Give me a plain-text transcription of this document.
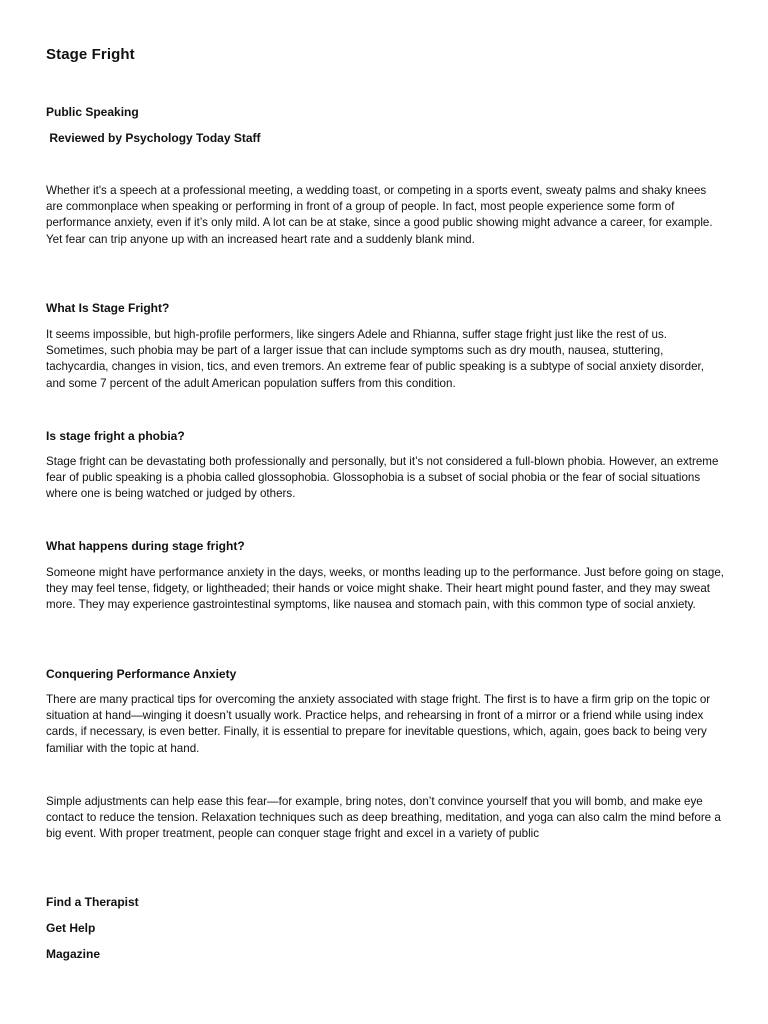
Stage Fright
Public Speaking
Reviewed by Psychology Today Staff

Whether it's a speech at a professional meeting, a wedding toast, or competing in a sports event, sweaty palms and shaky knees are commonplace when speaking or performing in front of a group of people. In fact, most people experience some form of performance anxiety, even if it’s only mild. A lot can be at stake, since a good public showing might advance a career, for example. Yet fear can trip anyone up with an increased heart rate and a suddenly blank mind.

What Is Stage Fright?

It seems impossible, but high-profile performers, like singers Adele and Rhianna, suffer stage fright just like the rest of us. Sometimes, such phobia may be part of a larger issue that can include symptoms such as dry mouth, nausea, stuttering, tachycardia, changes in vision, tics, and even tremors. An extreme fear of public speaking is a subtype of social anxiety disorder, and some 7 percent of the adult American population suffers from this condition.

Is stage fright a phobia?

Stage fright can be devastating both professionally and personally, but it’s not considered a full-blown phobia. However, an extreme fear of public speaking is a phobia called glossophobia. Glossophobia is a subset of social phobia or the fear of social situations where one is being watched or judged by others.

What happens during stage fright?

Someone might have performance anxiety in the days, weeks, or months leading up to the performance. Just before going on stage, they may feel tense, fidgety, or lightheaded; their hands or voice might shake. Their heart might pound faster, and they may sweat more. They may experience gastrointestinal symptoms, like nausea and stomach pain, with this common type of social anxiety.

Conquering Performance Anxiety

There are many practical tips for overcoming the anxiety associated with stage fright. The first is to have a firm grip on the topic or situation at hand—winging it doesn’t usually work. Practice helps, and rehearsing in front of a mirror or a friend while using index cards, if necessary, is even better. Finally, it is essential to prepare for inevitable questions, which, again, goes back to being very familiar with the topic at hand.

Simple adjustments can help ease this fear—for example, bring notes, don’t convince yourself that you will bomb, and make eye contact to reduce the tension. Relaxation techniques such as deep breathing, meditation, and yoga can also calm the mind before a big event. With proper treatment, people can conquer stage fright and excel in a variety of public

Find a Therapist
Get Help
Magazine
